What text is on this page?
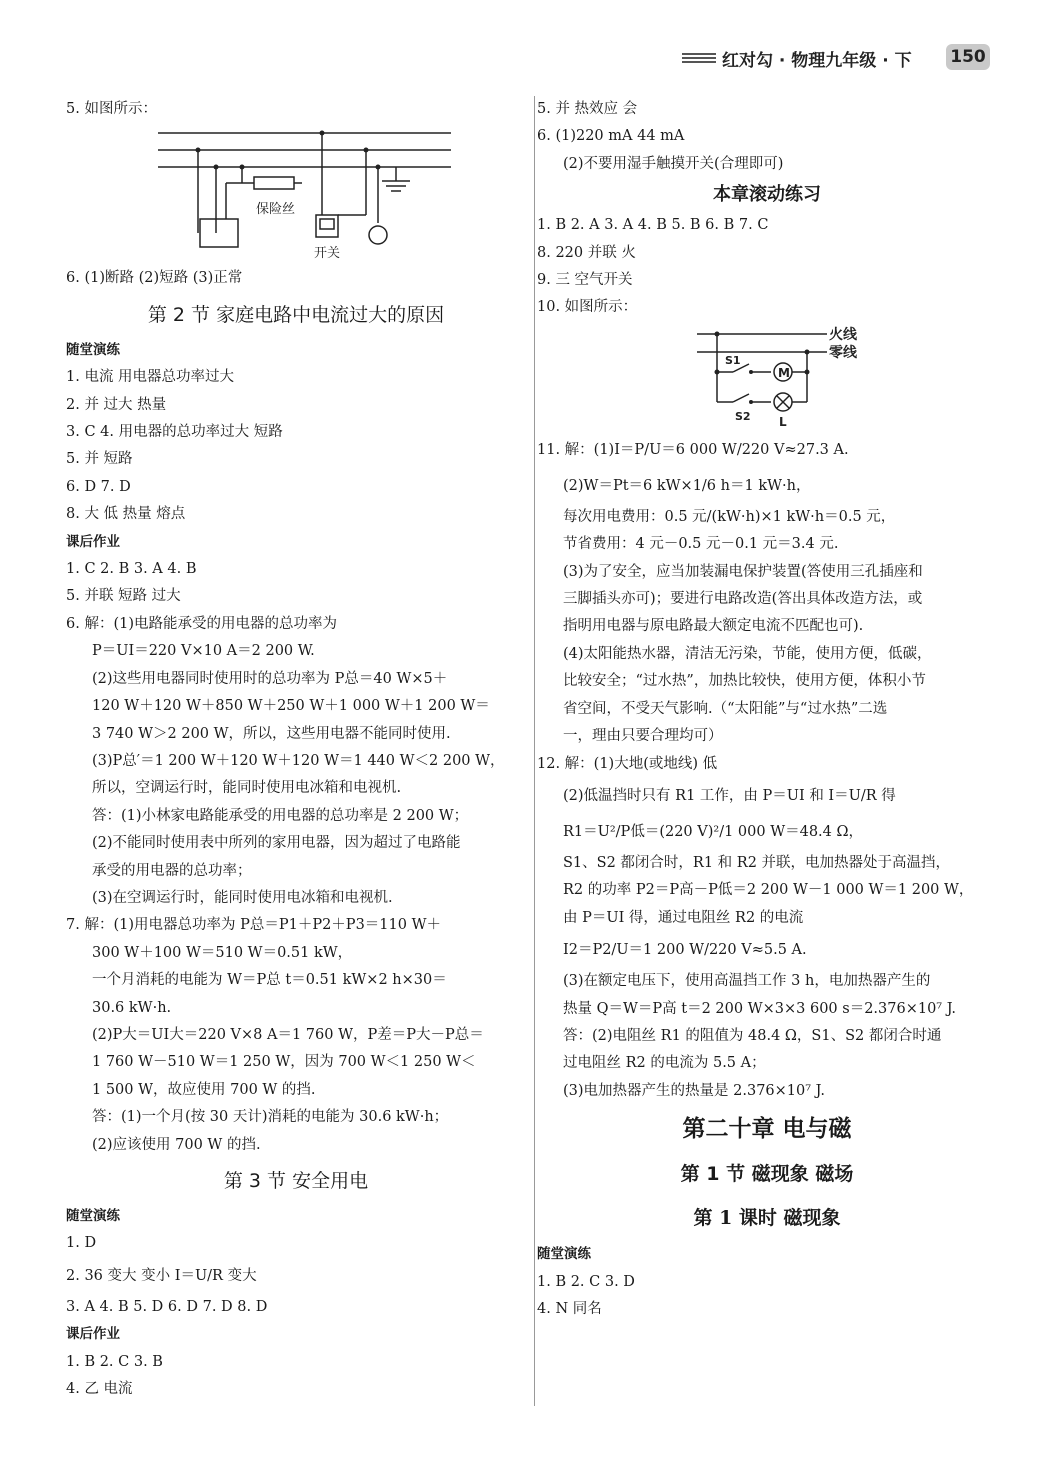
红对勾 · 物理九年级 · 下 150
5. 如图所示：
保险丝
开关
6. (1)断路 (2)短路 (3)正常
第 2 节 家庭电路中电流过大的原因
随堂演练
1. 电流 用电器总功率过大
2. 并 过大 热量
3. C 4. 用电器的总功率过大 短路
5. 并 短路
6. D 7. D
8. 大 低 热量 熔点
课后作业
1. C 2. B 3. A 4. B
5. 并联 短路 过大
6. 解：(1)电路能承受的用电器的总功率为
P＝UI＝220 V×10 A＝2 200 W.
(2)这些用电器同时使用时的总功率为 P总＝40 W×5＋
120 W＋120 W＋850 W＋250 W＋1 000 W＋1 200 W＝
3 740 W＞2 200 W，所以，这些用电器不能同时使用.
(3)P总′＝1 200 W＋120 W＋120 W＝1 440 W＜2 200 W，
所以，空调运行时，能同时使用电冰箱和电视机.
答：(1)小林家电路能承受的用电器的总功率是 2 200 W；
(2)不能同时使用表中所列的家用电器，因为超过了电路能
承受的用电器的总功率；
(3)在空调运行时，能同时使用电冰箱和电视机.
7. 解：(1)用电器总功率为 P总＝P1＋P2＋P3＝110 W＋
300 W＋100 W＝510 W＝0.51 kW，
一个月消耗的电能为 W＝P总 t＝0.51 kW×2 h×30＝
30.6 kW·h.
(2)P大＝UI大＝220 V×8 A＝1 760 W，P差＝P大－P总＝
1 760 W－510 W＝1 250 W，因为 700 W＜1 250 W＜
1 500 W，故应使用 700 W 的挡.
答：(1)一个月(按 30 天计)消耗的电能为 30.6 kW·h；
(2)应该使用 700 W 的挡.
第 3 节 安全用电
随堂演练
1. D
2. 36 变大 变小 I＝U/R 变大
3. A 4. B 5. D 6. D 7. D 8. D
课后作业
1. B 2. C 3. B
4. 乙 电流
5. 并 热效应 会
6. (1)220 mA 44 mA
(2)不要用湿手触摸开关(合理即可)
本章滚动练习
1. B 2. A 3. A 4. B 5. B 6. B 7. C
8. 220 并联 火
9. 三 空气开关
10. 如图所示：
火线
零线
S1
S2
M
L
11. 解：(1)I＝P/U＝6 000 W/220 V≈27.3 A.
(2)W＝Pt＝6 kW×1/6 h＝1 kW·h，
每次用电费用：0.5 元/(kW·h)×1 kW·h＝0.5 元，
节省费用：4 元－0.5 元－0.1 元＝3.4 元.
(3)为了安全，应当加装漏电保护装置(答使用三孔插座和
三脚插头亦可)；要进行电路改造(答出具体改造方法，或
指明用电器与原电路最大额定电流不匹配也可).
(4)太阳能热水器，清洁无污染，节能，使用方便，低碳，
比较安全；“过水热”，加热比较快，使用方便，体积小节
省空间，不受天气影响.（“太阳能”与“过水热”二选
一，理由只要合理均可）
12. 解：(1)大地(或地线) 低
(2)低温挡时只有 R1 工作，由 P＝UI 和 I＝U/R 得
R1＝U²/P低＝(220 V)²/1 000 W＝48.4 Ω，
S1、S2 都闭合时，R1 和 R2 并联，电加热器处于高温挡，
R2 的功率 P2＝P高－P低＝2 200 W－1 000 W＝1 200 W，
由 P＝UI 得，通过电阻丝 R2 的电流
I2＝P2/U＝1 200 W/220 V≈5.5 A.
(3)在额定电压下，使用高温挡工作 3 h，电加热器产生的
热量 Q＝W＝P高 t＝2 200 W×3×3 600 s＝2.376×10⁷ J.
答：(2)电阻丝 R1 的阻值为 48.4 Ω，S1、S2 都闭合时通
过电阻丝 R2 的电流为 5.5 A；
(3)电加热器产生的热量是 2.376×10⁷ J.
第二十章 电与磁
第 1 节 磁现象 磁场
第 1 课时 磁现象
随堂演练
1. B 2. C 3. D
4. N 同名
